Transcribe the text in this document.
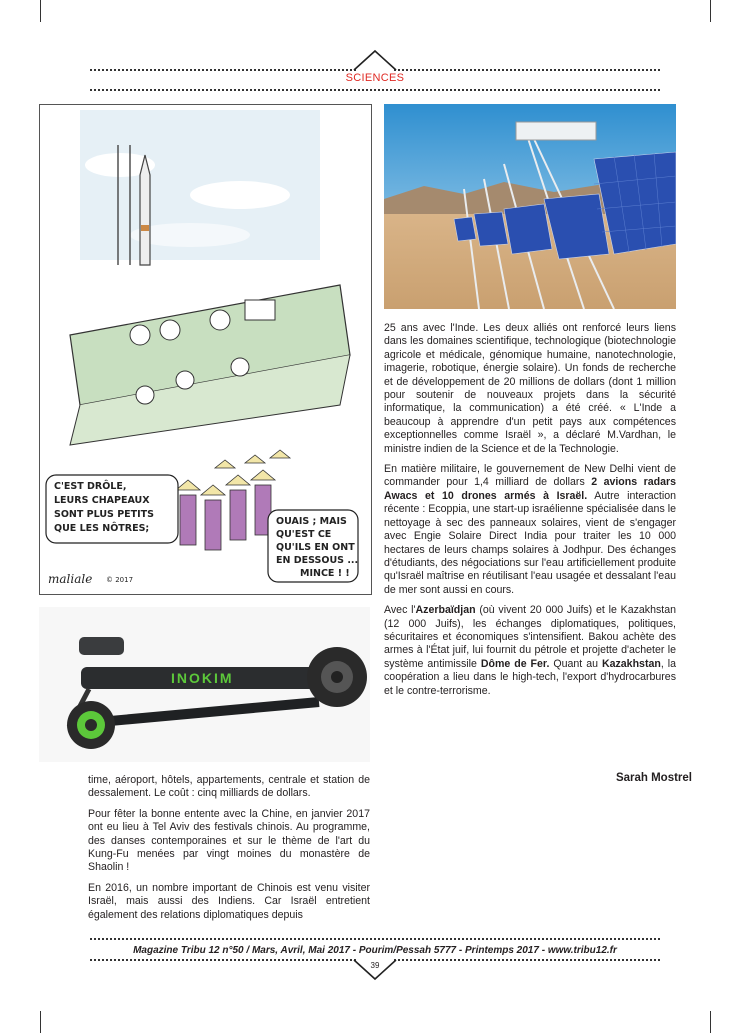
SCIENCES
C'EST DRÔLE,
LEURS CHAPEAUX
SONT PLUS PETITS
QUE LES NÔTRES;
OUAIS ; MAIS
QU'EST CE
QU'ILS EN ONT
EN DESSOUS ...
MINCE ! !
maliale © 2017
INOKIM

25 ans avec l'Inde. Les deux alliés ont renforcé leurs liens dans les domaines scientifique, technologique (biotechnologie agricole et médicale, génomique humaine, nanotechnologie, imagerie, robotique, énergie solaire). Un fonds de recherche et de développement de 20 millions de dollars (dont 1 million pour soutenir de nouveaux projets dans la sécurité informatique, la communication) a été créé. « L'Inde a beaucoup à apprendre d'un petit pays aux compétences exceptionnelles comme Israël », a déclaré M.Vardhan, le ministre indien de la Science et de la Technologie.

En matière militaire, le gouvernement de New Delhi vient de commander pour 1,4 milliard de dollars 2 avions radars Awacs et 10 drones armés à Israël. Autre interaction récente : Ecoppia, une start-up israélienne spécialisée dans le nettoyage à sec des panneaux solaires, vient de s'engager avec Engie Solaire Direct India pour traiter les 10 000 hectares de leurs champs solaires à Jodhpur. Des échanges d'étudiants, des négociations sur l'eau artificiellement produite qu'Israël maîtrise en réutilisant l'eau usagée et dessalant l'eau de mer sont aussi en cours.

Avec l'Azerbaïdjan (où vivent 20 000 Juifs) et le Kazakhstan (12 000 Juifs), les échanges diplomatiques, politiques, sécuritaires et économiques s'intensifient. Bakou achète des armes à l'État juif, lui fournit du pétrole et projette d'acheter le système antimissile Dôme de Fer. Quant au Kazakhstan, la coopération a lieu dans le high-tech, l'export d'hydrocarbures et le contre-terrorisme.

time, aéroport, hôtels, appartements, centrale et station de dessalement. Le coût : cinq milliards de dollars.

Pour fêter la bonne entente avec la Chine, en janvier 2017 ont eu lieu à Tel Aviv des festivals chinois. Au programme, des danses contemporaines et sur le thème de l'art du Kung-Fu menées par vingt moines du monastère de Shaolin !

En 2016, un nombre important de Chinois est venu visiter Israël, mais aussi des Indiens. Car Israël entretient également des relations diplomatiques depuis

Sarah Mostrel
Magazine Tribu 12 n°50 / Mars, Avril, Mai 2017 - Pourim/Pessah 5777 - Printemps 2017 - www.tribu12.fr
39
